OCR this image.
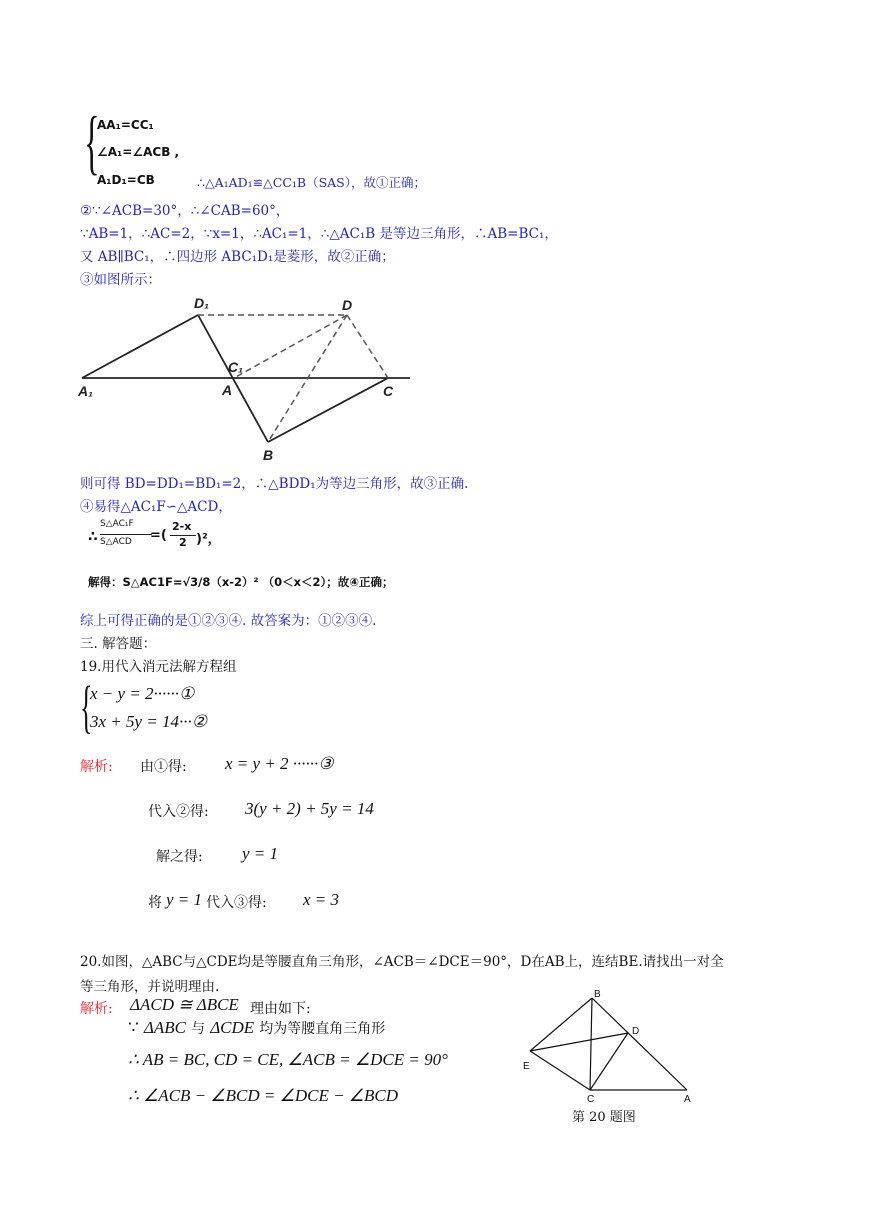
{
AA₁=CC₁
∠A₁=∠ACB ,
A₁D₁=CB	∴△A₁AD₁≌△CC₁B（SAS），故①正确；
②∵∠ACB=30°，∴∠CAB=60°，
∵AB=1，∴AC=2，∵x=1，∴AC₁=1，∴△AC₁B 是等边三角形，∴AB=BC₁，
又 AB∥BC₁，∴四边形 ABC₁D₁是菱形，故②正确；
③如图所示：
D₁	D
C₁
A₁	A	C
B
则可得 BD=DD₁=BD₁=2，∴△BDD₁为等边三角形，故③正确.
④易得△AC₁F∽△ACD，
∴
S△AC₁F
S△ACD =(
2-x
2 )²，
解得：S△AC1F=√3/8（x-2）² （0＜x＜2）；故④正确；
综上可得正确的是①②③④. 故答案为：①②③④.
三. 解答题：
19.用代入消元法解方程组
{
x − y = 2······①
3x + 5y = 14···②
解析: 由①得: x = y + 2 ······③
代入②得: 3(y + 2) + 5y = 14
解之得: y = 1
将 y = 1 代入③得: x = 3
20.如图，△ABC与△CDE均是等腰直角三角形，∠ACB＝∠DCE＝90°，D在AB上，连结BE.请找出一对全
等三角形，并说明理由.
解析: ΔACD ≅ ΔBCE 理由如下:
∵ ΔABC 与 ΔCDE 均为等腰直角三角形
∴ AB = BC, CD = CE, ∠ACB = ∠DCE = 90°
∴ ∠ACB − ∠BCD = ∠DCE − ∠BCD
B
D
E
C	A
第 20 题图
